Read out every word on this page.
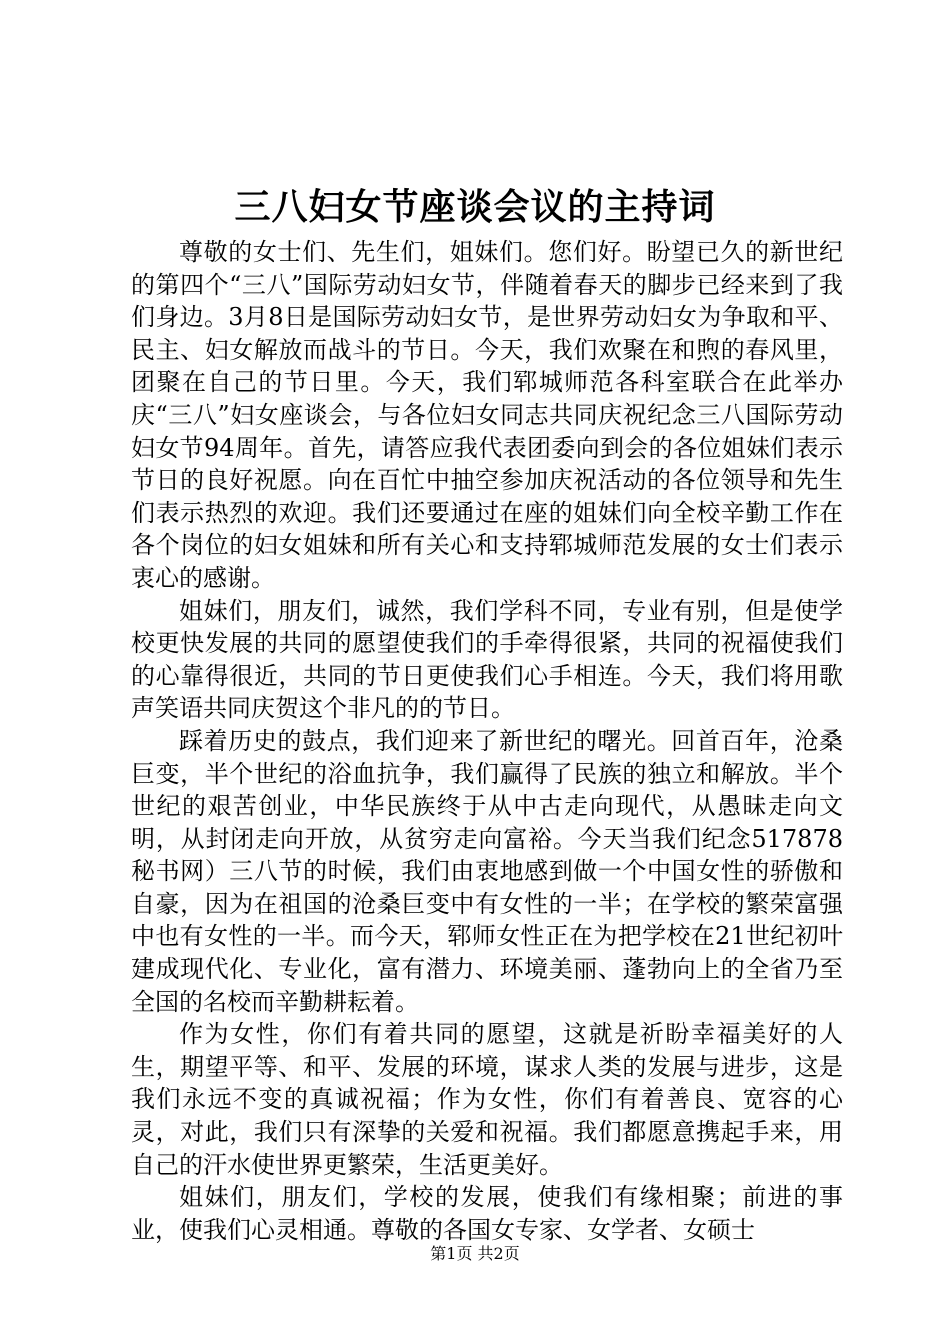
三八妇女节座谈会议的主持词

尊敬的女士们、先生们，姐妹们。您们好。盼望已久的新世纪的第四个“三八”国际劳动妇女节，伴随着春天的脚步已经来到了我们身边。3月8日是国际劳动妇女节，是世界劳动妇女为争取和平、民主、妇女解放而战斗的节日。今天，我们欢聚在和煦的春风里，团聚在自己的节日里。今天，我们郓城师范各科室联合在此举办庆“三八”妇女座谈会，与各位妇女同志共同庆祝纪念三八国际劳动妇女节94周年。首先，请答应我代表团委向到会的各位姐妹们表示节日的良好祝愿。向在百忙中抽空参加庆祝活动的各位领导和先生们表示热烈的欢迎。我们还要通过在座的姐妹们向全校辛勤工作在各个岗位的妇女姐妹和所有关心和支持郓城师范发展的女士们表示衷心的感谢。

姐妹们，朋友们，诚然，我们学科不同，专业有别，但是使学校更快发展的共同的愿望使我们的手牵得很紧，共同的祝福使我们的心靠得很近，共同的节日更使我们心手相连。今天，我们将用歌声笑语共同庆贺这个非凡的的节日。

踩着历史的鼓点，我们迎来了新世纪的曙光。回首百年，沧桑巨变，半个世纪的浴血抗争，我们赢得了民族的独立和解放。半个世纪的艰苦创业，中华民族终于从中古走向现代，从愚昧走向文明，从封闭走向开放，从贫穷走向富裕。今天当我们纪念517878秘书网）三八节的时候，我们由衷地感到做一个中国女性的骄傲和自豪，因为在祖国的沧桑巨变中有女性的一半；在学校的繁荣富强中也有女性的一半。而今天，郓师女性正在为把学校在21世纪初叶建成现代化、专业化，富有潜力、环境美丽、蓬勃向上的全省乃至全国的名校而辛勤耕耘着。

作为女性，你们有着共同的愿望，这就是祈盼幸福美好的人生，期望平等、和平、发展的环境，谋求人类的发展与进步，这是我们永远不变的真诚祝福；作为女性，你们有着善良、宽容的心灵，对此，我们只有深挚的关爱和祝福。我们都愿意携起手来，用自己的汗水使世界更繁荣，生活更美好。

姐妹们，朋友们，学校的发展，使我们有缘相聚；前进的事业，使我们心灵相通。尊敬的各国女专家、女学者、女硕士

第1页 共2页
